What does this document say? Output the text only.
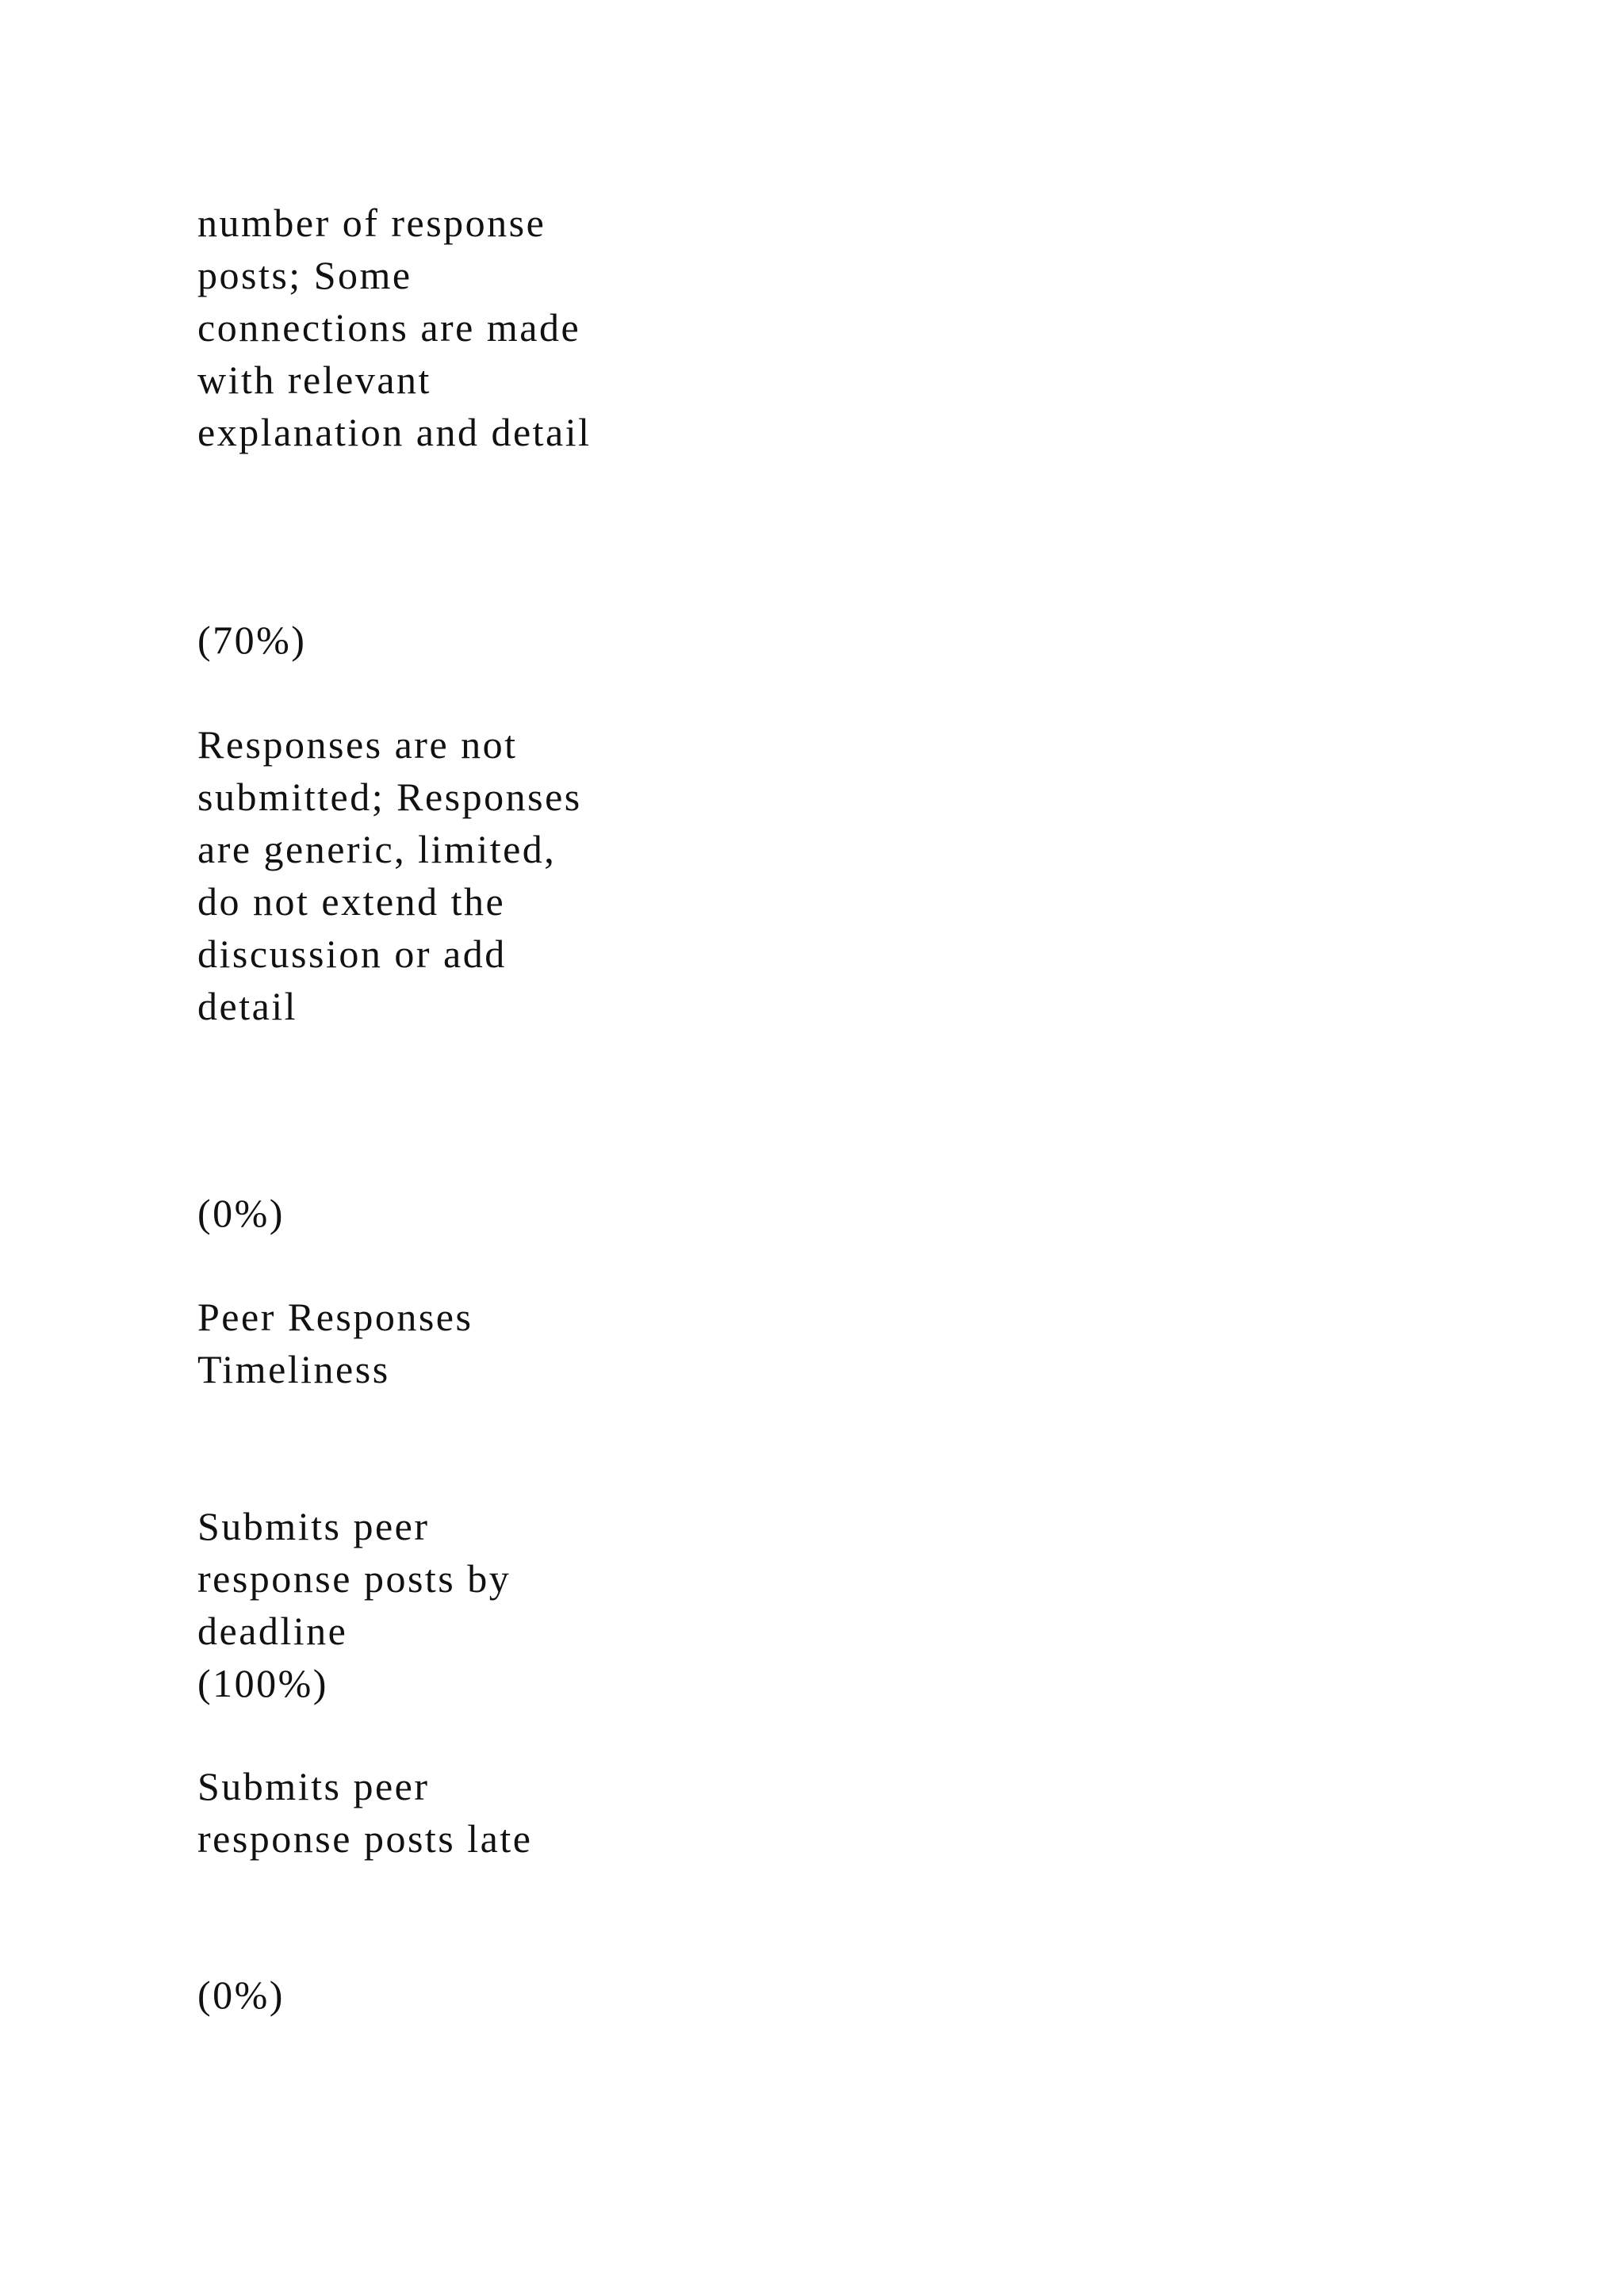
number of response
posts; Some
connections are made
with relevant
explanation and detail

(70%)

Responses are not
submitted; Responses
are generic, limited,
do not extend the
discussion or add
detail

(0%)

Peer Responses
Timeliness

Submits peer
response posts by
deadline
(100%)

Submits peer
response posts late

(0%)
